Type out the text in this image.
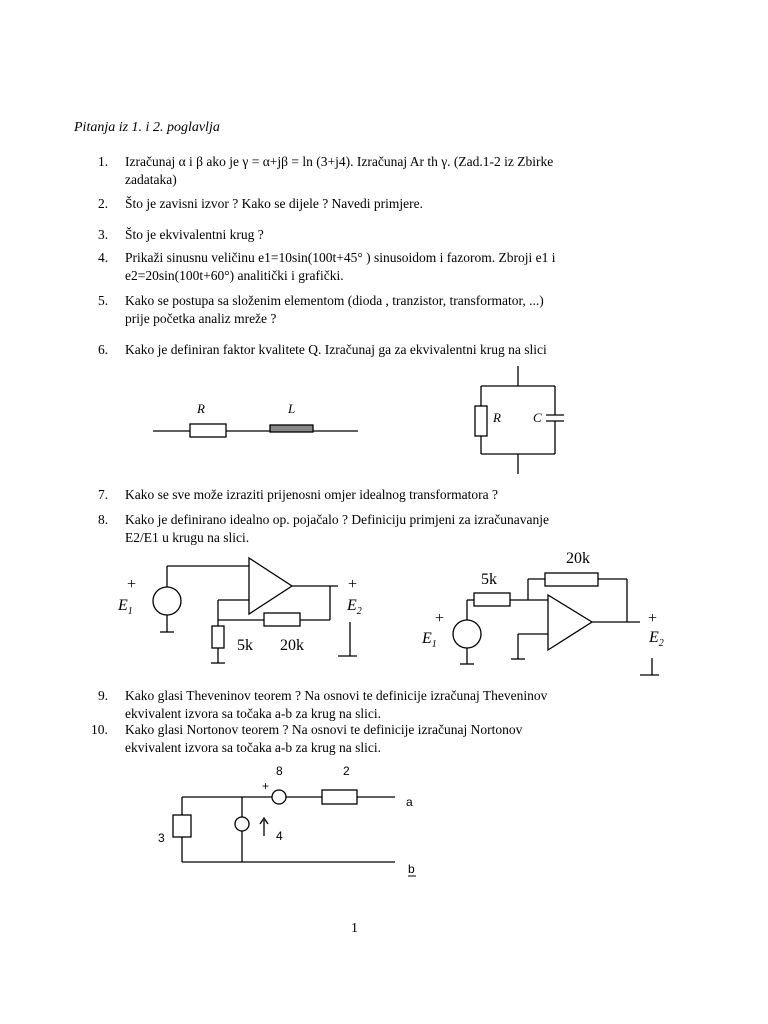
Pitanja iz 1. i 2. poglavlja
1.	Izračunaj α i β ako je γ = α+jβ = ln (3+j4). Izračunaj Ar th γ. (Zad.1-2 iz Zbirke
zadataka)
2.	Što je zavisni izvor ? Kako se dijele ? Navedi primjere.
3.	Što je ekvivalentni krug ?
4.	Prikaži sinusnu veličinu e1=10sin(100t+45° ) sinusoidom i fazorom. Zbroji e1 i
e2=20sin(100t+60°) analitički i grafički.
5.	Kako se postupa sa složenim elementom (dioda , tranzistor, transformator, ...)
prije početka analiz mreže ?
6.	Kako je definiran faktor kvalitete Q. Izračunaj ga za ekvivalentni krug na slici
7.	Kako se sve može izraziti prijenosni omjer idealnog transformatora ?
8.	Kako je definirano idealno op. pojačalo ? Definiciju primjeni za izračunavanje
E2/E1 u krugu na slici.
9.	Kako glasi Theveninov teorem ? Na osnovi te definicije izračunaj Theveninov
ekvivalent izvora sa točaka a-b za krug na slici.
10.	Kako glasi Nortonov teorem ? Na osnovi te definicije izračunaj Nortonov
ekvivalent izvora sa točaka a-b za krug na slici.
R	L
R C
+
$E_1$
+
$E_2$
5k 20k
20k
5k
+
$E_1$
+
$E_2$
8
+
2
3	4
a
b
1
